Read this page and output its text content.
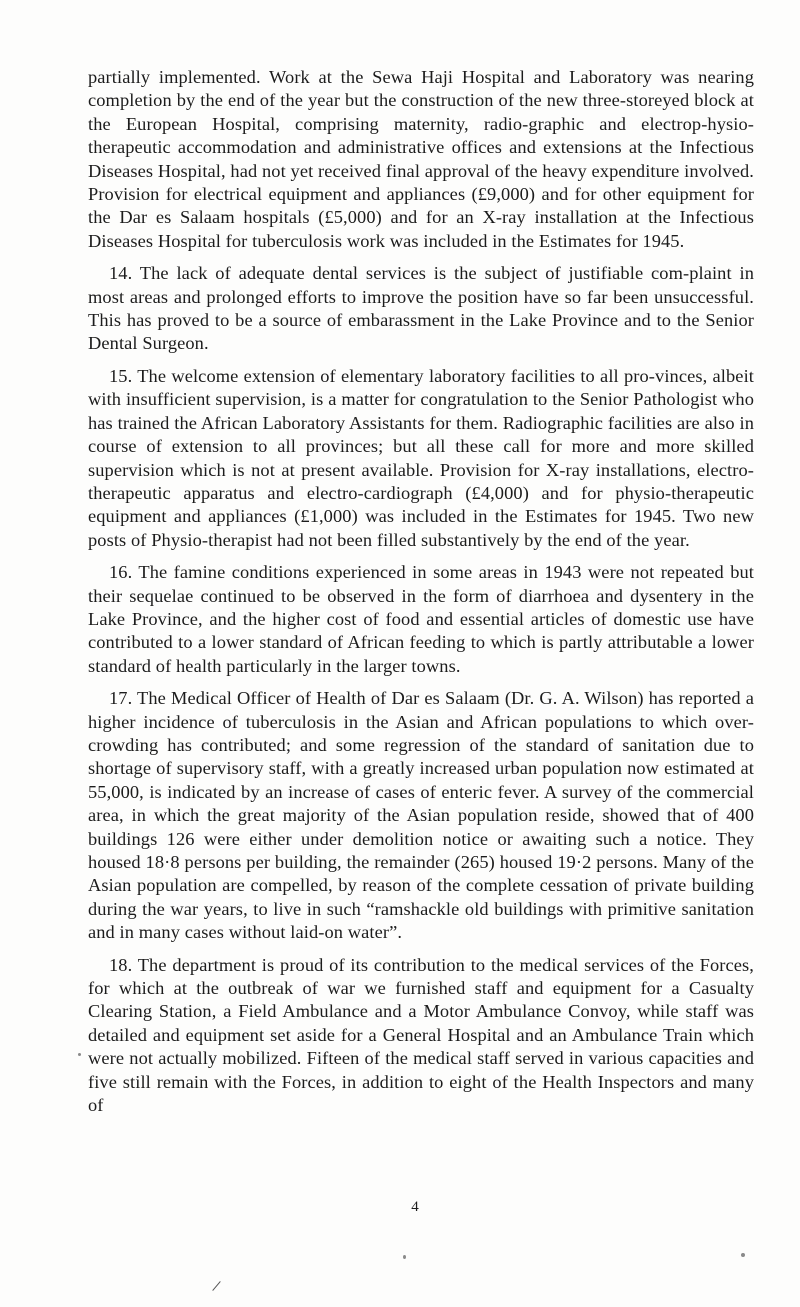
partially implemented. Work at the Sewa Haji Hospital and Laboratory was nearing completion by the end of the year but the construction of the new three-storeyed block at the European Hospital, comprising maternity, radio-graphic and electrop-hysio-therapeutic accommodation and administrative offices and extensions at the Infectious Diseases Hospital, had not yet received final approval of the heavy expenditure involved. Provision for electrical equipment and appliances (£9,000) and for other equipment for the Dar es Salaam hospitals (£5,000) and for an X-ray installation at the Infectious Diseases Hospital for tuberculosis work was included in the Estimates for 1945.

14. The lack of adequate dental services is the subject of justifiable com-plaint in most areas and prolonged efforts to improve the position have so far been unsuccessful. This has proved to be a source of embarassment in the Lake Province and to the Senior Dental Surgeon.

15. The welcome extension of elementary laboratory facilities to all pro-vinces, albeit with insufficient supervision, is a matter for congratulation to the Senior Pathologist who has trained the African Laboratory Assistants for them. Radiographic facilities are also in course of extension to all provinces; but all these call for more and more skilled supervision which is not at present available. Provision for X-ray installations, electro-therapeutic apparatus and electro-cardiograph (£4,000) and for physio-therapeutic equipment and appliances (£1,000) was included in the Estimates for 1945. Two new posts of Physio-therapist had not been filled substantively by the end of the year.

16. The famine conditions experienced in some areas in 1943 were not repeated but their sequelae continued to be observed in the form of diarrhoea and dysentery in the Lake Province, and the higher cost of food and essential articles of domestic use have contributed to a lower standard of African feeding to which is partly attributable a lower standard of health particularly in the larger towns.

17. The Medical Officer of Health of Dar es Salaam (Dr. G. A. Wilson) has reported a higher incidence of tuberculosis in the Asian and African populations to which over-crowding has contributed; and some regression of the standard of sanitation due to shortage of supervisory staff, with a greatly increased urban population now estimated at 55,000, is indicated by an increase of cases of enteric fever. A survey of the commercial area, in which the great majority of the Asian population reside, showed that of 400 buildings 126 were either under demolition notice or awaiting such a notice. They housed 18·8 persons per building, the remainder (265) housed 19·2 persons. Many of the Asian population are compelled, by reason of the complete cessation of private building during the war years, to live in such “ramshackle old buildings with primitive sanitation and in many cases without laid-on water”.

18. The department is proud of its contribution to the medical services of the Forces, for which at the outbreak of war we furnished staff and equipment for a Casualty Clearing Station, a Field Ambulance and a Motor Ambulance Convoy, while staff was detailed and equipment set aside for a General Hospital and an Ambulance Train which were not actually mobilized. Fifteen of the medical staff served in various capacities and five still remain with the Forces, in addition to eight of the Health Inspectors and many of

4
